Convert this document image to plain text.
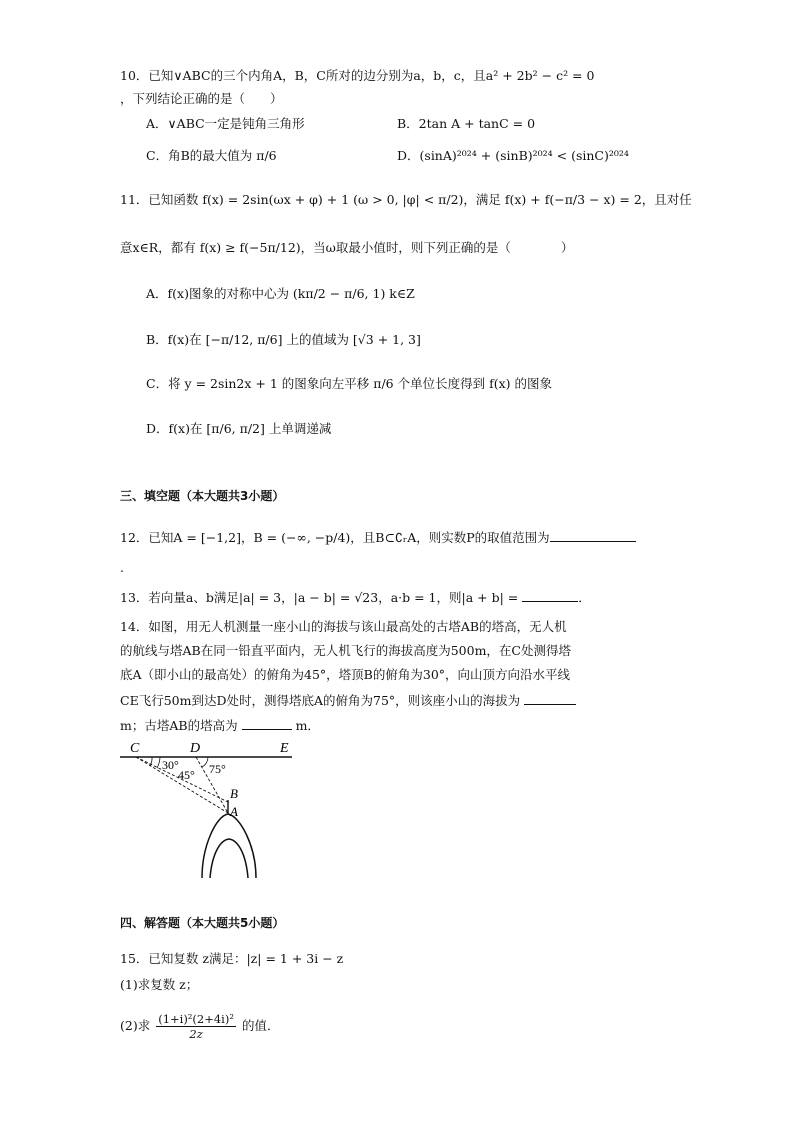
10．已知∨ABC的三个内角A，B，C所对的边分别为a，b，c，且a² + 2b² − c² = 0
，下列结论正确的是（　　）
A．∨ABC一定是钝角三角形	B．2tan A + tanC = 0
C．角B的最大值为 π/6	D．(sinA)²⁰²⁴ + (sinB)²⁰²⁴ < (sinC)²⁰²⁴
11．已知函数 f(x) = 2sin(ωx + φ) + 1 (ω > 0, |φ| < π/2)，满足 f(x) + f(−π/3 − x) = 2，且对任
意x∈R，都有 f(x) ≥ f(−5π/12)，当ω取最小值时，则下列正确的是（　　　　）
A．f(x)图象的对称中心为 (kπ/2 − π/6, 1) k∈Z
B．f(x)在 [−π/12, π/6] 上的值域为 [√3 + 1, 3]
C．将 y = 2sin2x + 1 的图象向左平移 π/6 个单位长度得到 f(x) 的图象
D．f(x)在 [π/6, π/2] 上单调递减
三、填空题（本大题共3小题）
12．已知A = [−1,2]，B = (−∞, −p/4)，且B⊂∁ᵣA，则实数P的取值范围为
.
13．若向量a、b满足|a| = 3，|a − b| = √23，a·b = 1，则|a + b| =	．
14．如图，用无人机测量一座小山的海拔与该山最高处的古塔AB的塔高，无人机
的航线与塔AB在同一铅直平面内，无人机飞行的海拔高度为500m，在C处测得塔
底A（即小山的最高处）的俯角为45°，塔顶B的俯角为30°，向山顶方向沿水平线
CE飞行50m到达D处时，测得塔底A的俯角为75°，则该座小山的海拔为
m；古塔AB的塔高为	m．
C	D	E
30°
45° 75°
B
A
四、解答题（本大题共5小题）
15．已知复数 z满足：|z| = 1 + 3i − z
(1)求复数 z；
(2)求 $\frac{\text{(1+i)²(2+4i)²}}{2z}$ 的值．
